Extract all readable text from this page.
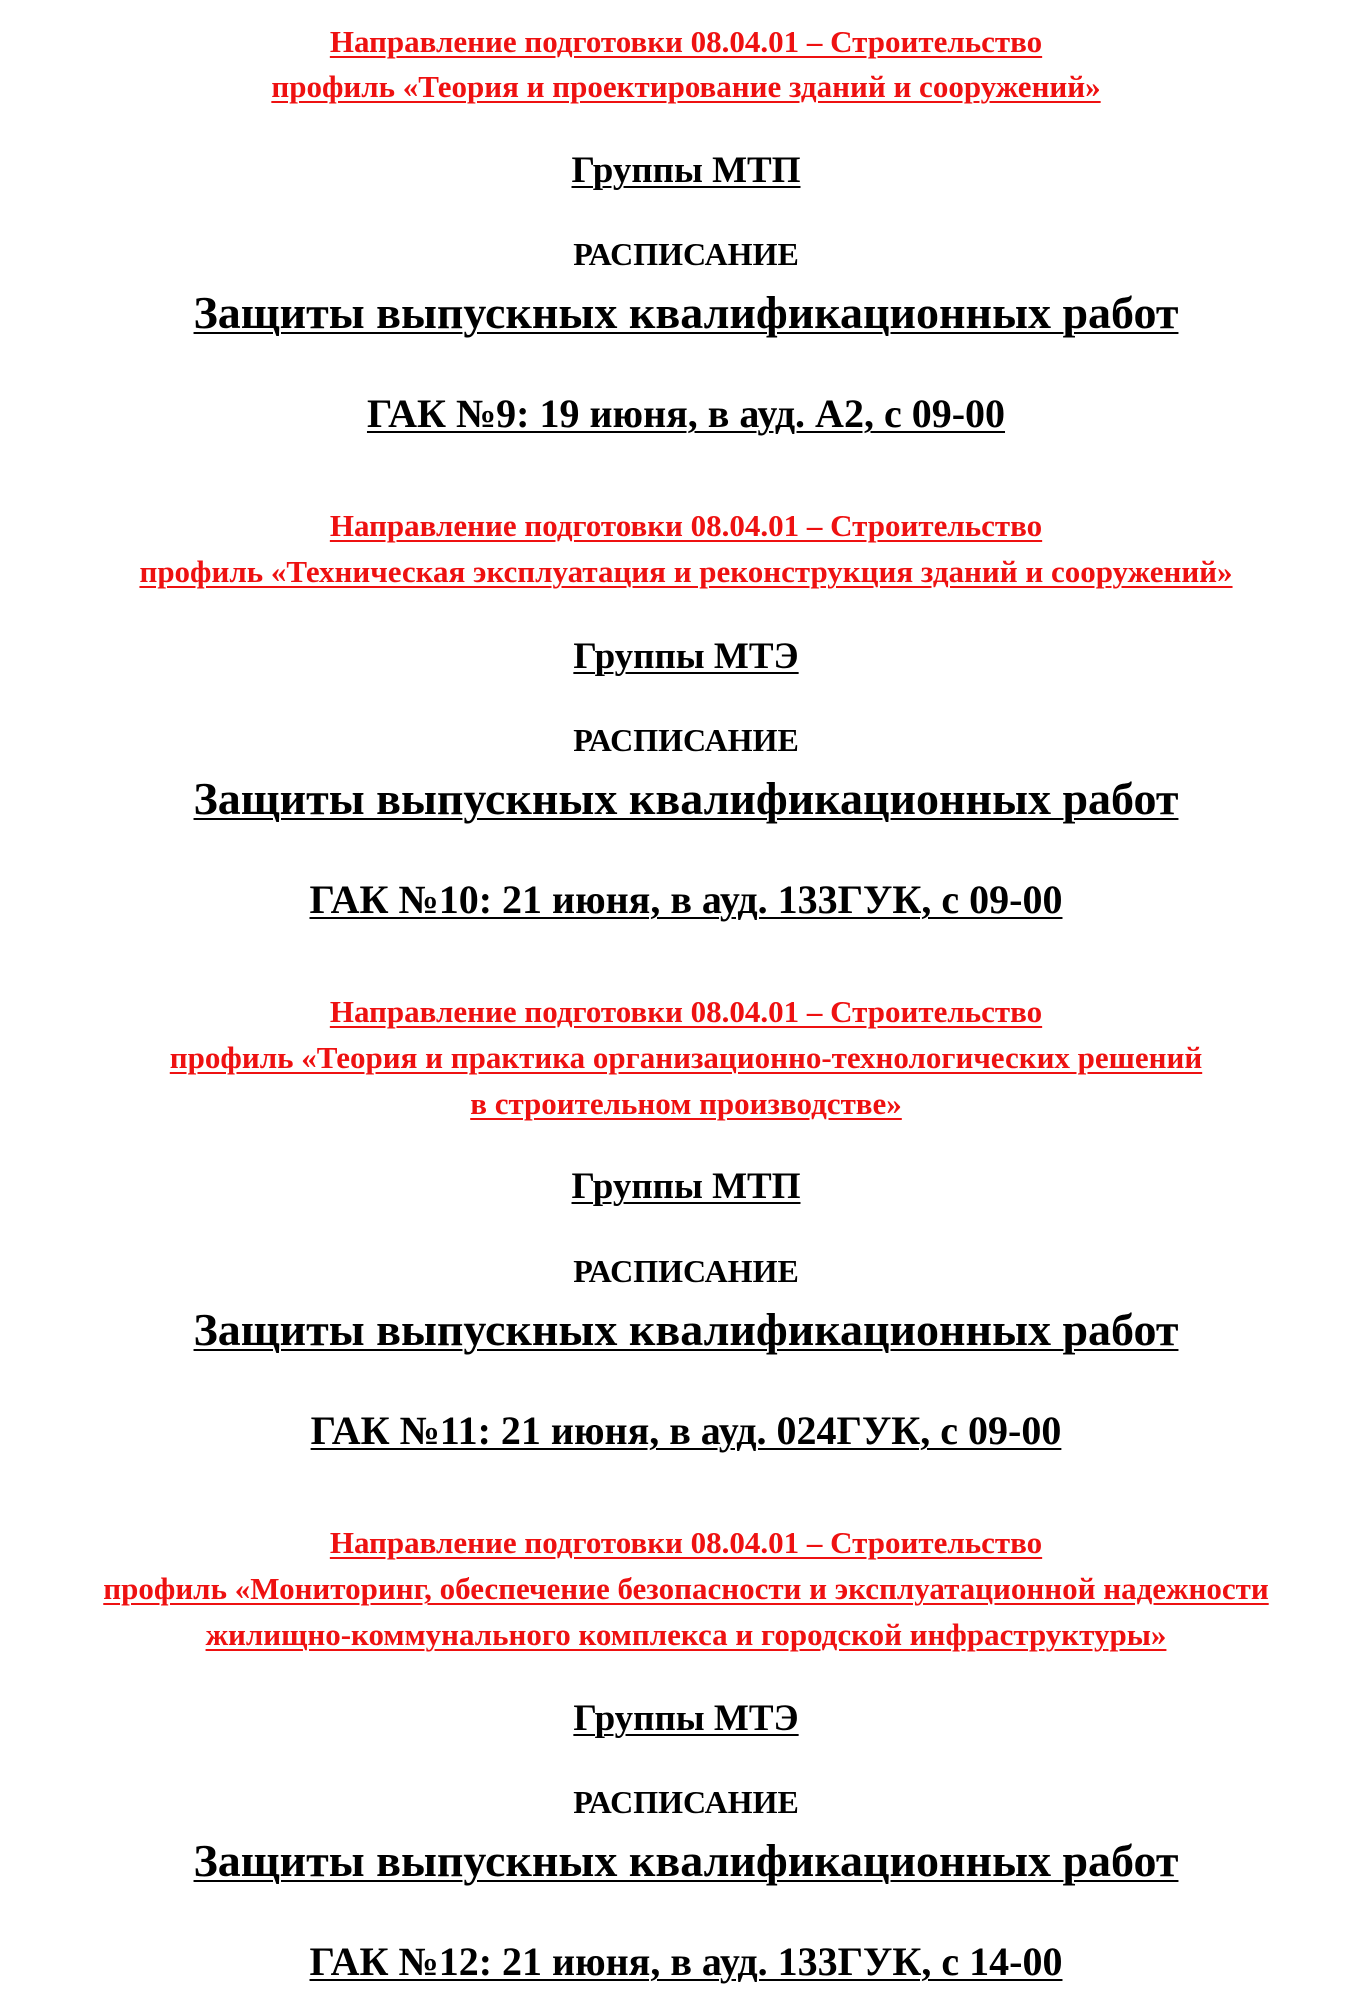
Направление подготовки 08.04.01 – Строительство
профиль «Теория и проектирование зданий и сооружений»
Группы МТП
РАСПИСАНИЕ
Защиты выпускных квалификационных работ
ГАК №9: 19 июня, в ауд. А2, с 09-00
Направление подготовки 08.04.01 – Строительство
профиль «Техническая эксплуатация и реконструкция зданий и сооружений»
Группы МТЭ
РАСПИСАНИЕ
Защиты выпускных квалификационных работ
ГАК №10: 21 июня, в ауд. 133ГУК, с 09-00
Направление подготовки 08.04.01 – Строительство
профиль «Теория и практика организационно-технологических решений
в строительном производстве»
Группы МТП
РАСПИСАНИЕ
Защиты выпускных квалификационных работ
ГАК №11: 21 июня, в ауд. 024ГУК, с 09-00
Направление подготовки 08.04.01 – Строительство
профиль «Мониторинг, обеспечение безопасности и эксплуатационной надежности
жилищно-коммунального комплекса и городской инфраструктуры»
Группы МТЭ
РАСПИСАНИЕ
Защиты выпускных квалификационных работ
ГАК №12: 21 июня, в ауд. 133ГУК, с 14-00
